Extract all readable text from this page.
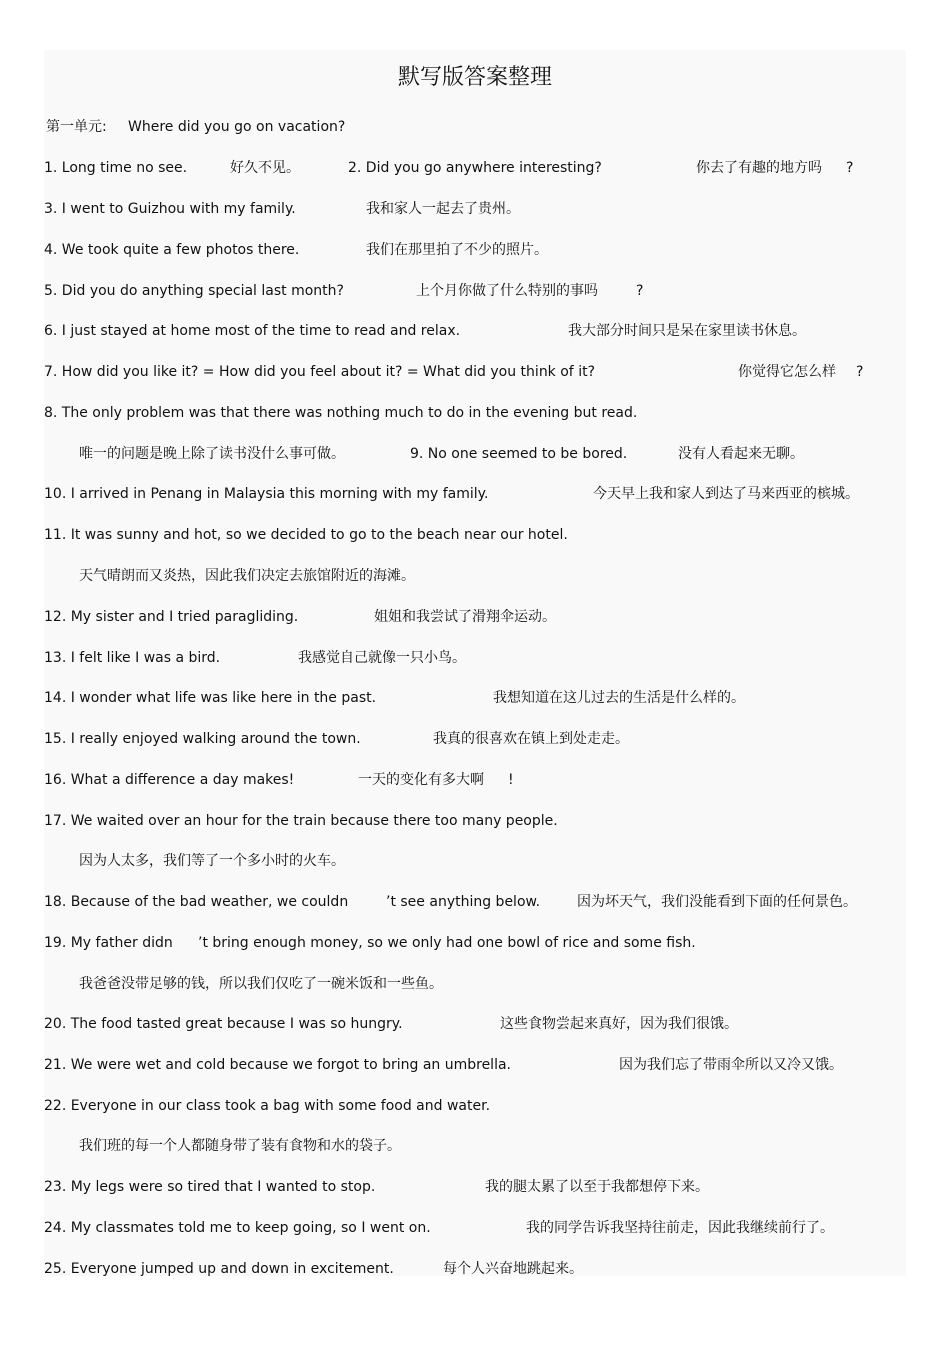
默写版答案整理
第一单元: Where did you go on vacation?
1. Long time no see.	好久不见。	2. Did you go anywhere interesting?	你去了有趣的地方吗 ?
3. I went to Guizhou with my family.	我和家人一起去了贵州。
4. We took quite a few photos there.	我们在那里拍了不少的照片。
5. Did you do anything special last month?	上个月你做了什么特别的事吗	?
6. I just stayed at home most of the time to read and relax.	我大部分时间只是呆在家里读书休息。
7. How did you like it? = How did you feel about it? = What did you think of it?	你觉得它怎么样 ?
8. The only problem was that there was nothing much to do in the evening but read.
唯一的问题是晚上除了读书没什么事可做。	9. No one seemed to be bored.	没有人看起来无聊。
10. I arrived in Penang in Malaysia this morning with my family.	今天早上我和家人到达了马来西亚的槟城。
11. It was sunny and hot, so we decided to go to the beach near our hotel.
天气晴朗而又炎热，因此我们决定去旅馆附近的海滩。
12. My sister and I tried paragliding.	姐姐和我尝试了滑翔伞运动。
13. I felt like I was a bird.	我感觉自己就像一只小鸟。
14. I wonder what life was like here in the past.	我想知道在这儿过去的生活是什么样的。
15. I really enjoyed walking around the town.	我真的很喜欢在镇上到处走走。
16. What a difference a day makes!	一天的变化有多大啊 !
17. We waited over an hour for the train because there too many people.
因为人太多，我们等了一个多小时的火车。
18. Because of the bad weather, we couldn	’t see anything below.	因为坏天气，我们没能看到下面的任何景色。
19. My father didn ’t bring enough money, so we only had one bowl of rice and some fish.
我爸爸没带足够的钱，所以我们仅吃了一碗米饭和一些鱼。
20. The food tasted great because I was so hungry.	这些食物尝起来真好，因为我们很饿。
21. We were wet and cold because we forgot to bring an umbrella.	因为我们忘了带雨伞所以又冷又饿。
22. Everyone in our class took a bag with some food and water.
我们班的每一个人都随身带了装有食物和水的袋子。
23. My legs were so tired that I wanted to stop.	我的腿太累了以至于我都想停下来。
24. My classmates told me to keep going, so I went on.	我的同学告诉我坚持往前走，因此我继续前行了。
25. Everyone jumped up and down in excitement.	每个人兴奋地跳起来。
